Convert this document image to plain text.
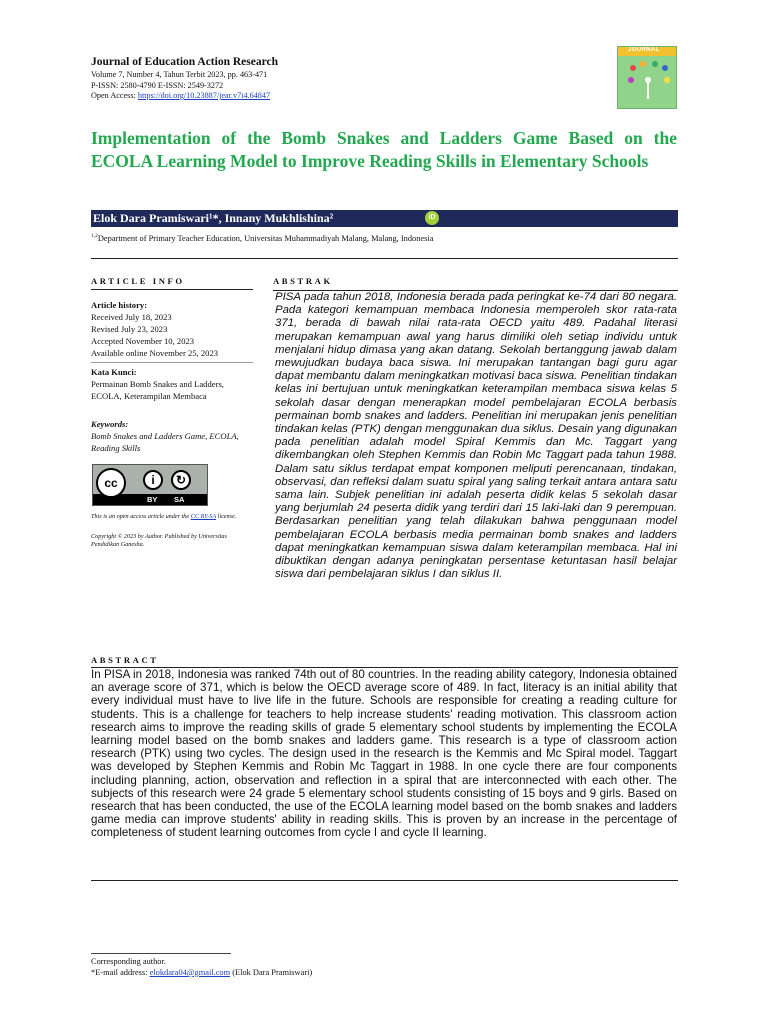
Journal of Education Action Research
Volume 7, Number 4, Tahun Terbit 2023, pp. 463-471
P-ISSN: 2580-4790 E-ISSN: 2549-3272
Open Access: https://doi.org/10.23887/jear.v7i4.64847
JOURNAL
Implementation of the Bomb Snakes and Ladders Game Based on the ECOLA Learning Model to Improve Reading Skills in Elementary Schools
Elok Dara Pramiswari¹*, Innany Mukhlishina²	iD
$^{1,2}$Department of Primary Teacher Education, Universitas Muhammadiyah Malang, Malang, Indonesia
ARTICLE INFO
Article history:
Received July 18, 2023
Revised July 23, 2023
Accepted November 10, 2023
Available online November 25, 2023
Kata Kunci:
Permainan Bomb Snakes and Ladders, ECOLA, Keterampilan Membaca
Keywords:
Bomb Snakes and Ladders Game, ECOLA, Reading Skills
cc	i	↻
BY SA
This is an open access article under the CC BY-SA license.
Copyright © 2023 by Author. Published by Universitas Pendidikan Ganesha.
ABSTRAK
PISA pada tahun 2018, Indonesia berada pada peringkat ke-74 dari 80 negara. Pada kategori kemampuan membaca Indonesia memperoleh skor rata-rata 371, berada di bawah nilai rata-rata OECD yaitu 489. Padahal literasi merupakan kemampuan awal yang harus dimiliki oleh setiap individu untuk menjalani hidup dimasa yang akan datang. Sekolah bertanggung jawab dalam mewujudkan budaya baca siswa. Ini merupakan tantangan bagi guru agar dapat membantu dalam meningkatkan motivasi baca siswa. Penelitian tindakan kelas ini bertujuan untuk meningkatkan keterampilan membaca siswa kelas 5 sekolah dasar dengan menerapkan model pembelajaran ECOLA berbasis permainan bomb snakes and ladders. Penelitian ini merupakan jenis penelitian tindakan kelas (PTK) dengan menggunakan dua siklus. Desain yang digunakan pada penelitian adalah model Spiral Kemmis dan Mc. Taggart yang dikembangkan oleh Stephen Kemmis dan Robin Mc Taggart pada tahun 1988. Dalam satu siklus terdapat empat komponen meliputi perencanaan, tindakan, observasi, dan refleksi dalam suatu spiral yang saling terkait antara antara satu sama lain. Subjek penelitian ini adalah peserta didik kelas 5 sekolah dasar yang berjumlah 24 peserta didik yang terdiri dari 15 laki-laki dan 9 perempuan. Berdasarkan penelitian yang telah dilakukan bahwa penggunaan model pembelajaran ECOLA berbasis media permainan bomb snakes and ladders dapat meningkatkan kemampuan siswa dalam keterampilan membaca. Hal ini dibuktikan dengan adanya peningkatan persentase ketuntasan hasil belajar siswa dari pembelajaran siklus I dan siklus II.
ABSTRACT
In PISA in 2018, Indonesia was ranked 74th out of 80 countries. In the reading ability category, Indonesia obtained an average score of 371, which is below the OECD average score of 489. In fact, literacy is an initial ability that every individual must have to live life in the future. Schools are responsible for creating a reading culture for students. This is a challenge for teachers to help increase students' reading motivation. This classroom action research aims to improve the reading skills of grade 5 elementary school students by implementing the ECOLA learning model based on the bomb snakes and ladders game. This research is a type of classroom action research (PTK) using two cycles. The design used in the research is the Kemmis and Mc Spiral model. Taggart was developed by Stephen Kemmis and Robin Mc Taggart in 1988. In one cycle there are four components including planning, action, observation and reflection in a spiral that are interconnected with each other. The subjects of this research were 24 grade 5 elementary school students consisting of 15 boys and 9 girls. Based on research that has been conducted, the use of the ECOLA learning model based on the bomb snakes and ladders game media can improve students' ability in reading skills. This is proven by an increase in the percentage of completeness of student learning outcomes from cycle I and cycle II learning.
Corresponding author.
*E-mail address: elokdara04@gmail.com (Elok Dara Pramiswari)
